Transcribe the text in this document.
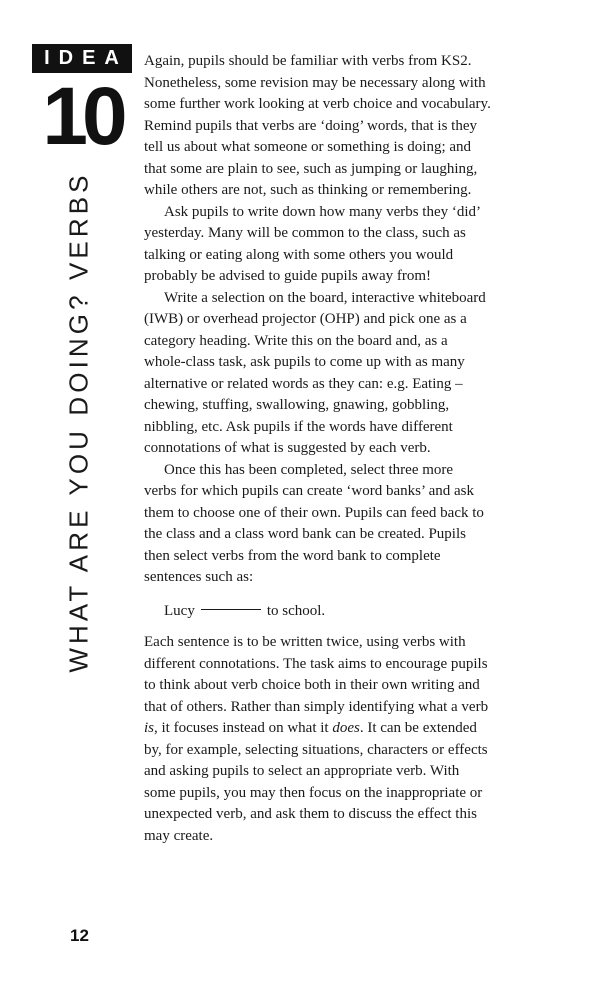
IDEA
10
WHAT ARE YOU DOING? VERBS

Again, pupils should be familiar with verbs from KS2.
Nonetheless, some revision may be necessary along with
some further work looking at verb choice and vocabulary.
Remind pupils that verbs are ‘doing’ words, that is they
tell us about what someone or something is doing; and
that some are plain to see, such as jumping or laughing,
while others are not, such as thinking or remembering.

Ask pupils to write down how many verbs they ‘did’
yesterday. Many will be common to the class, such as
talking or eating along with some others you would
probably be advised to guide pupils away from!

Write a selection on the board, interactive whiteboard
(IWB) or overhead projector (OHP) and pick one as a
category heading. Write this on the board and, as a
whole-class task, ask pupils to come up with as many
alternative or related words as they can: e.g. Eating –
chewing, stuffing, swallowing, gnawing, gobbling,
nibbling, etc. Ask pupils if the words have different
connotations of what is suggested by each verb.

Once this has been completed, select three more
verbs for which pupils can create ‘word banks’ and ask
them to choose one of their own. Pupils can feed back to
the class and a class word bank can be created. Pupils
then select verbs from the word bank to complete
sentences such as:

Lucy	to school.

Each sentence is to be written twice, using verbs with
different connotations. The task aims to encourage pupils
to think about verb choice both in their own writing and
that of others. Rather than simply identifying what a verb
is, it focuses instead on what it does. It can be extended
by, for example, selecting situations, characters or effects
and asking pupils to select an appropriate verb. With
some pupils, you may then focus on the inappropriate or
unexpected verb, and ask them to discuss the effect this
may create.

12
